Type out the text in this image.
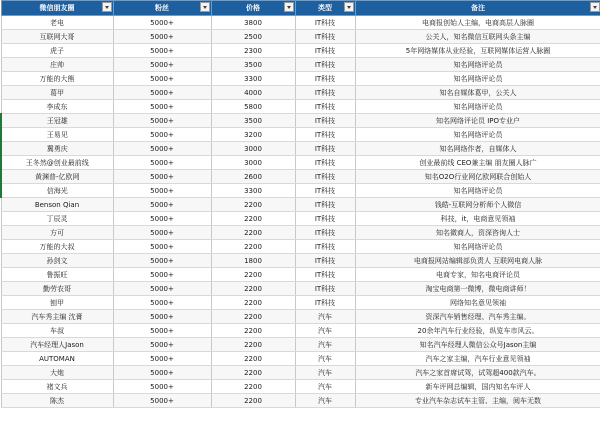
微信朋友圈	粉丝	价格	类型	备注

老电	5000+	3800	IT科技	电商报创始人主编，电商高层人脉圈
互联网大哥	5000+	2500	IT科技	公关人，知名微信互联网头条主编
虎子	5000+	2300	IT科技	5年网络媒体从业经验，互联网媒体运营人脉圈
庄帅	5000+	3500	IT科技	知名网络评论员
万能的大熊	5000+	3300	IT科技	知名网络评论员
葛甲	5000+	4000	IT科技	知名自媒体葛甲，公关人
李成东	5000+	5800	IT科技	知名网络评论员
王冠雄	5000+	3500	IT科技	知名网络评论员 IPO专业户
王易见	5000+	3200	IT科技	知名网络评论员
冀勇庆	5000+	3000	IT科技	知名网络作者，自媒体人
王冬然@创业最前线	5000+	3000	IT科技	创业最前线 CEO兼主编 朋友圈人脉广
黄渊普-亿欧网	5000+	2600	IT科技	知名O2O行业网亿欧网联合创始人
信海光	5000+	3300	IT科技	知名网络评论员
Benson Qian	5000+	2200	IT科技	钱皓-互联网分析师个人微信
丁辰灵	5000+	2200	IT科技	科技，it，电商意见领袖
方可	5000+	2200	IT科技	知名微商人，资深咨询人士
万能的大叔	5000+	2200	IT科技	知名网络评论员
孙剑文	5000+	1800	IT科技	电商报网站编辑部负责人 互联网电商人脉
鲁振旺	5000+	2200	IT科技	电商专家，知名电商评论员
勤劳农哥	5000+	2200	IT科技	淘宝电商第一微博，微电商讲师！
刨甲	5000+	2200	IT科技	网络知名意见领袖
汽车秀主编 沈膏	5000+	2200	汽车	资深汽车销售经理、汽车秀主编。
车叔	5000+	2200	汽车	20余年汽车行业经验，纵览车市风云。
汽车经理人Jason	5000+	2200	汽车	知名汽车经理人微信公众号Jason主编
AUTOMAN	5000+	2200	汽车	汽车之家主编，汽车行业意见领袖
大炮	5000+	2200	汽车	汽车之家首席试驾，试驾超400款汽车。
褚文兵	5000+	2200	汽车	新车评网总编辑，国内知名车评人
陈杰	5000+	2200	汽车	专业汽车杂志试车主管、主编，阅车无数
